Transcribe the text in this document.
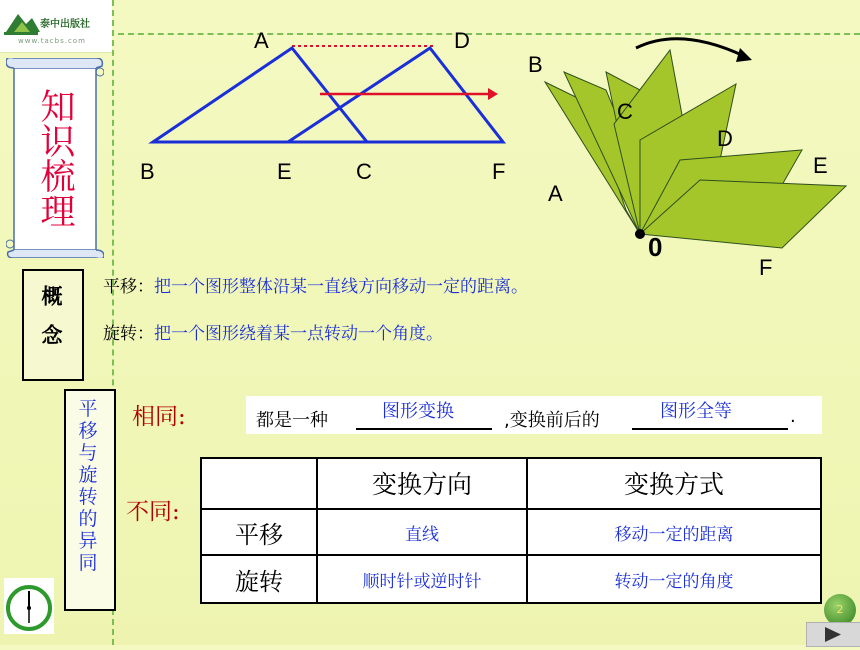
泰中出版社
www.tacbs.com
知识梳理
A	D
B	E	C	F
B
C
D
E
A
0
F
概念	平移：把一个图形整体沿某一直线方向移动一定的距离。
旋转：把一个图形绕着某一点转动一个角度。
平移与旋转的异同
相同:	都是一种	图形变换	,变换前后的	图形全等	.
不同:
	变换方向	变换方式
平移	直线	移动一定的距离
旋转	顺时针或逆时针	转动一定的角度
2
